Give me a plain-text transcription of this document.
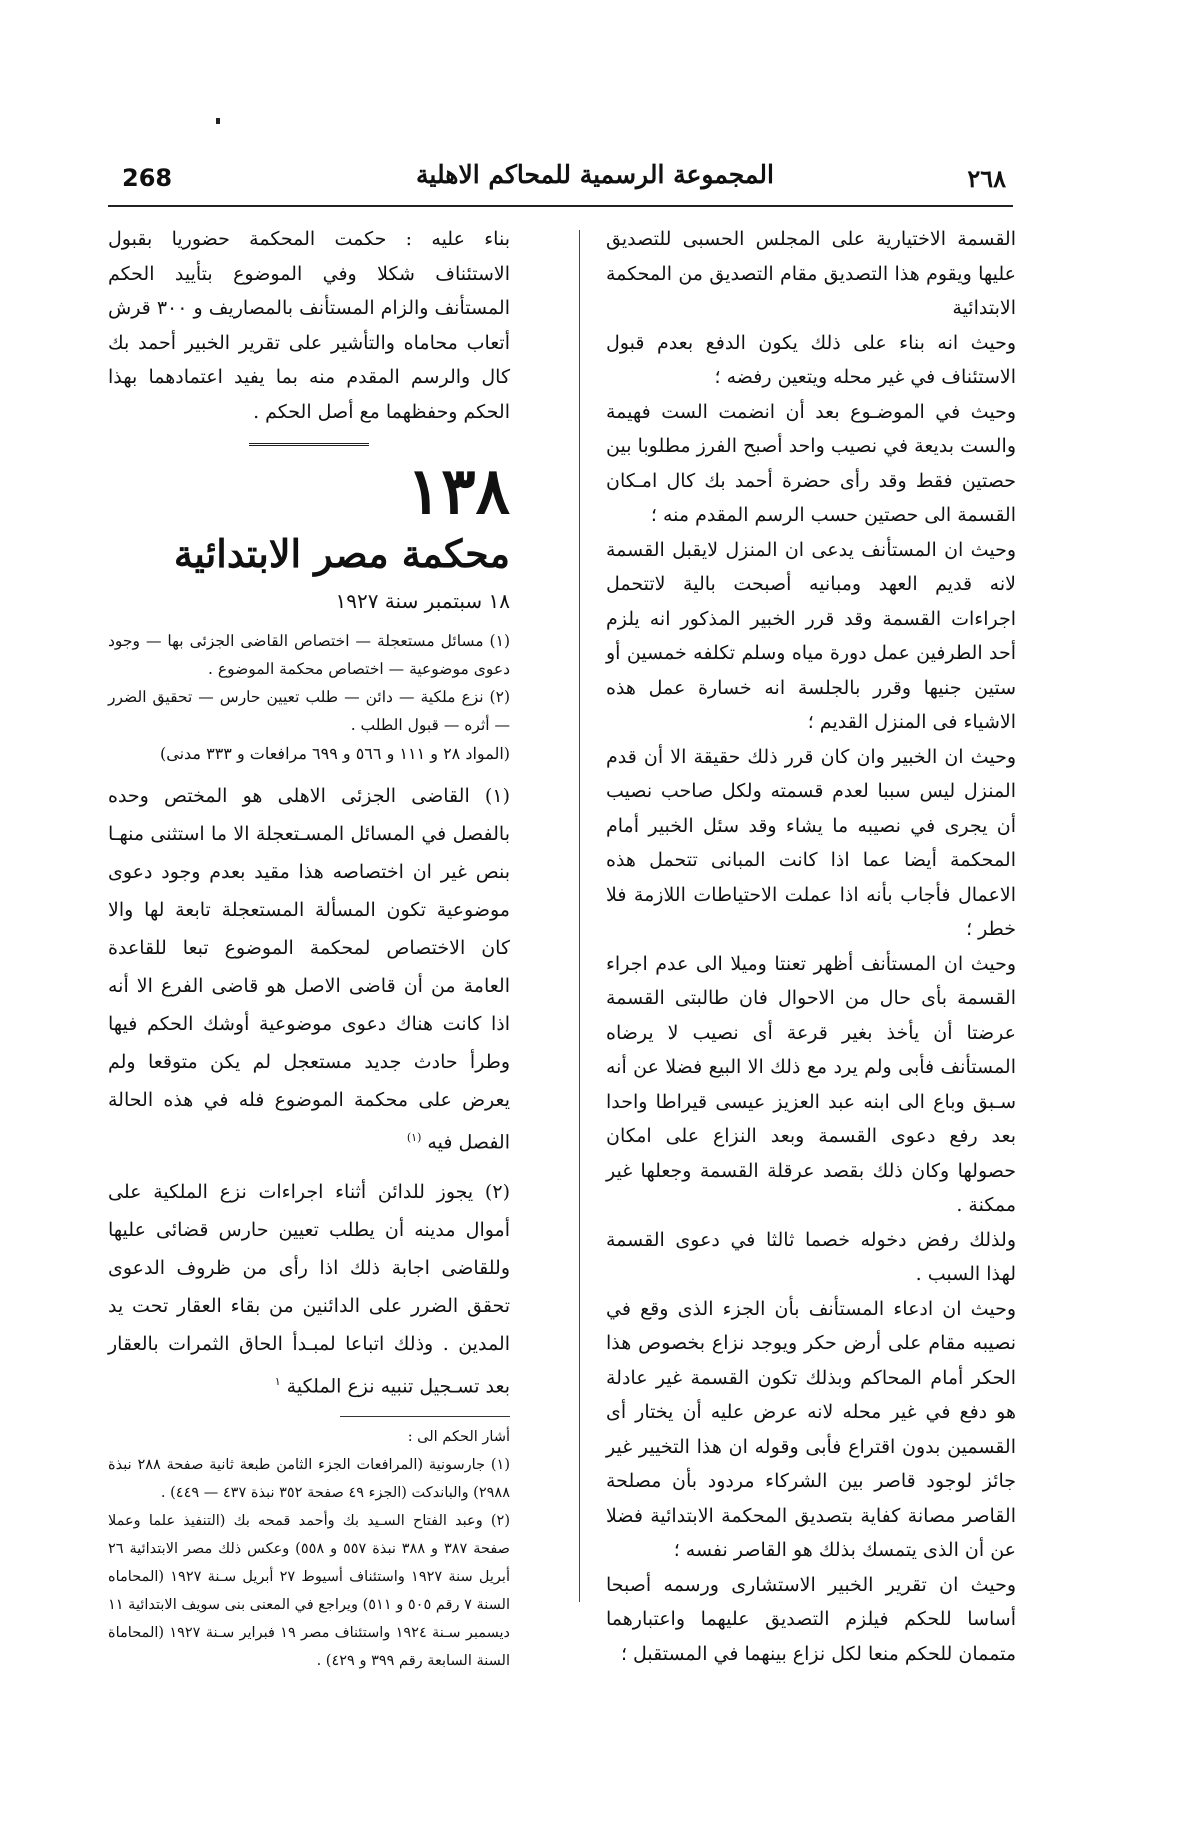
268	المجموعة الرسمية للمحاكم الاهلية	٢٦٨

القسمة الاختيارية على المجلس الحسبى للتصديق عليها ويقوم هذا التصديق مقام التصديق من المحكمة الابتدائية

وحيث انه بناء على ذلك يكون الدفع بعدم قبول الاستئناف في غير محله ويتعين رفضه ؛

وحيث في الموضـوع بعد أن انضمت الست فهيمة والست بديعة في نصيب واحد أصبح الفرز مطلوبا بين حصتين فقط وقد رأى حضرة أحمد بك كال امـكان القسمة الى حصتين حسب الرسم المقدم منه ؛

وحيث ان المستأنف يدعى ان المنزل لايقبل القسمة لانه قديم العهد ومبانيه أصبحت بالية لاتتحمل اجراءات القسمة وقد قرر الخبير المذكور انه يلزم أحد الطرفين عمل دورة مياه وسلم تكلفه خمسين أو ستين جنيها وقرر بالجلسة انه خسارة عمل هذه الاشياء فى المنزل القديم ؛

وحيث ان الخبير وان كان قرر ذلك حقيقة الا أن قدم المنزل ليس سببا لعدم قسمته ولكل صاحب نصيب أن يجرى في نصيبه ما يشاء وقد سئل الخبير أمام المحكمة أيضا عما اذا كانت المبانى تتحمل هذه الاعمال فأجاب بأنه اذا عملت الاحتياطات اللازمة فلا خطر ؛

وحيث ان المستأنف أظهر تعنتا وميلا الى عدم اجراء القسمة بأى حال من الاحوال فان طالبتى القسمة عرضتا أن يأخذ بغير قرعة أى نصيب لا يرضاه المستأنف فأبى ولم يرد مع ذلك الا البيع فضلا عن أنه سـبق وباع الى ابنه عبد العزيز عيسى قيراطا واحدا بعد رفع دعوى القسمة وبعد النزاع على امكان حصولها وكان ذلك بقصد عرقلة القسمة وجعلها غير ممكنة .

ولذلك رفض دخوله خصما ثالثا في دعوى القسمة لهذا السبب .

وحيث ان ادعاء المستأنف بأن الجزء الذى وقع في نصيبه مقام على أرض حكر ويوجد نزاع بخصوص هذا الحكر أمام المحاكم وبذلك تكون القسمة غير عادلة هو دفع في غير محله لانه عرض عليه أن يختار أى القسمين بدون اقتراع فأبى وقوله ان هذا التخيير غير جائز لوجود قاصر بين الشركاء مردود بأن مصلحة القاصر مصانة كفاية بتصديق المحكمة الابتدائية فضلا عن أن الذى يتمسك بذلك هو القاصر نفسه ؛

وحيث ان تقرير الخبير الاستشارى ورسمه أصبحا أساسا للحكم فيلزم التصديق عليهما واعتبارهما متممان للحكم منعا لكل نزاع بينهما في المستقبل ؛

بناء عليه : حكمت المحكمة حضوريا بقبول الاستئناف شكلا وفي الموضوع بتأييد الحكم المستأنف والزام المستأنف بالمصاريف و ٣٠٠ قرش أتعاب محاماه والتأشير على تقرير الخبير أحمد بك كال والرسم المقدم منه بما يفيد اعتمادهما بهذا الحكم وحفظهما مع أصل الحكم .

١٣٨

محكمة مصر الابتدائية

١٨ سبتمبر سنة ١٩٢٧

(١) مسائل مستعجلة — اختصاص القاضى الجزئى بها — وجود دعوى موضوعية — اختصاص محكمة الموضوع .

(٢) نزع ملكية — دائن — طلب تعيين حارس — تحقيق الضرر — أثره — قبول الطلب .

(المواد ٢٨ و ١١١ و ٥٦٦ و ٦٩٩ مرافعات و ٣٣٣ مدنى)

(١) القاضى الجزئى الاهلى هو المختص وحده بالفصل في المسائل المسـتعجلة الا ما استثنى منهـا بنص غير ان اختصاصه هذا مقيد بعدم وجود دعوى موضوعية تكون المسألة المستعجلة تابعة لها والا كان الاختصاص لمحكمة الموضوع تبعا للقاعدة العامة من أن قاضى الاصل هو قاضى الفرع الا أنه اذا كانت هناك دعوى موضوعية أوشك الحكم فيها وطرأ حادث جديد مستعجل لم يكن متوقعا ولم يعرض على محكمة الموضوع فله في هذه الحالة الفصل فيه $^{(١)}$

(٢) يجوز للدائن أثناء اجراءات نزع الملكية على أموال مدينه أن يطلب تعيين حارس قضائى عليها وللقاضى اجابة ذلك اذا رأى من ظروف الدعوى تحقق الضرر على الدائنين من بقاء العقار تحت يد المدين . وذلك اتباعا لمبـدأ الحاق الثمرات بالعقار بعد تسـجيل تنبيه نزع الملكية $^١$

أشار الحكم الى :

(١) جارسونية (المرافعات الجزء الثامن طبعة ثانية صفحة ٢٨٨ نبذة ٢٩٨٨) والباندكت (الجزء ٤٩ صفحة ٣٥٢ نبذة ٤٣٧ — ٤٤٩) .

(٢) وعبد الفتاح السـيد بك وأحمد قمحه بك (التنفيذ علما وعملا صفحة ٣٨٧ و ٣٨٨ نبذة ٥٥٧ و ٥٥٨) وعكس ذلك مصر الابتدائية ٢٦ أبريل سنة ١٩٢٧ واستئناف أسيوط ٢٧ أبريل سـنة ١٩٢٧ (المحاماه السنة ٧ رقم ٥٠٥ و ٥١١) ويراجع في المعنى بنى سويف الابتدائية ١١ ديسمبر سـنة ١٩٢٤ واستئناف مصر ١٩ فبراير سـنة ١٩٢٧ (المحاماة السنة السابعة رقم ٣٩٩ و ٤٢٩) .
